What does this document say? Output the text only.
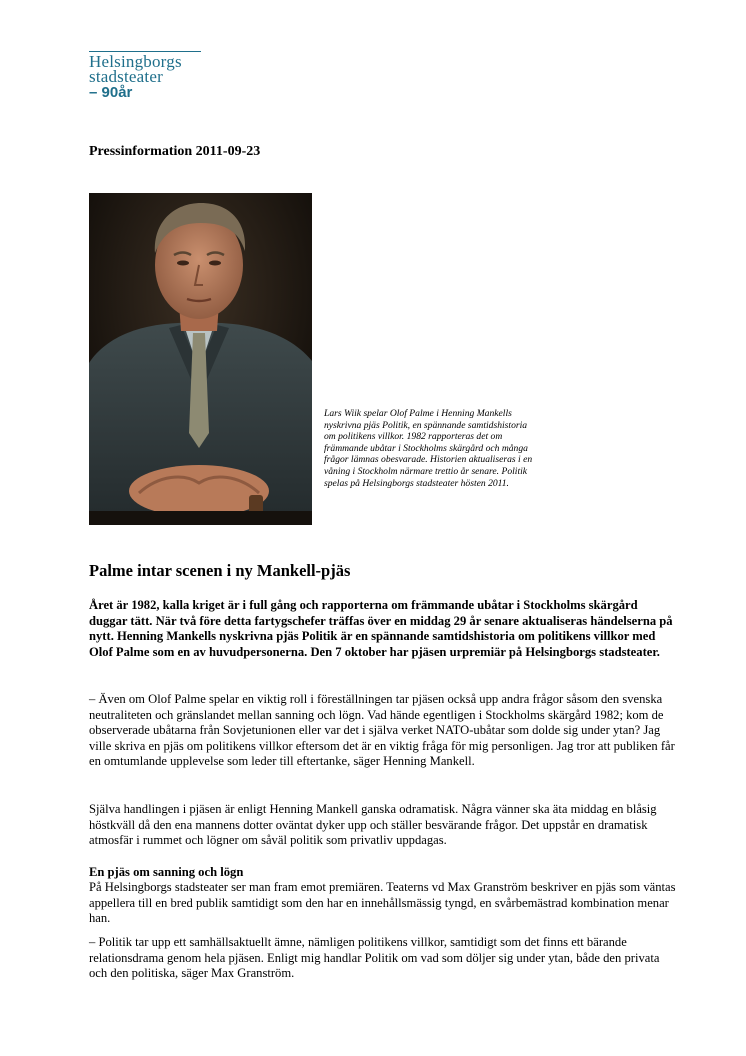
Helsingborgs
stadsteater
– 90år
Pressinformation 2011-09-23
Lars Wiik spelar Olof Palme i Henning Mankells nyskrivna pjäs Politik, en spännande samtidshistoria om politikens villkor. 1982 rapporteras det om främmande ubåtar i Stockholms skärgård och många frågor lämnas obesvarade. Historien aktualiseras i en våning i Stockholm närmare trettio år senare. Politik spelas på Helsingborgs stadsteater hösten 2011.
Palme intar scenen i ny Mankell-pjäs

Året är 1982, kalla kriget är i full gång och rapporterna om främmande ubåtar i Stockholms skärgård duggar tätt. När två före detta fartygschefer träffas över en middag 29 år senare aktualiseras händelserna på nytt. Henning Mankells nyskrivna pjäs Politik är en spännande samtidshistoria om politikens villkor med Olof Palme som en av huvudpersonerna. Den 7 oktober har pjäsen urpremiär på Helsingborgs stadsteater.

– Även om Olof Palme spelar en viktig roll i föreställningen tar pjäsen också upp andra frågor såsom den svenska neutraliteten och gränslandet mellan sanning och lögn. Vad hände egentligen i Stockholms skärgård 1982; kom de observerade ubåtarna från Sovjetunionen eller var det i själva verket NATO-ubåtar som dolde sig under ytan? Jag ville skriva en pjäs om politikens villkor eftersom det är en viktig fråga för mig personligen. Jag tror att publiken får en omtumlande upplevelse som leder till eftertanke, säger Henning Mankell.

Själva handlingen i pjäsen är enligt Henning Mankell ganska odramatisk. Några vänner ska äta middag en blåsig höstkväll då den ena mannens dotter oväntat dyker upp och ställer besvärande frågor. Det uppstår en dramatisk atmosfär i rummet och lögner om såväl politik som privatliv uppdagas.

En pjäs om sanning och lögn

På Helsingborgs stadsteater ser man fram emot premiären. Teaterns vd Max Granström beskriver en pjäs som väntas appellera till en bred publik samtidigt som den har en innehållsmässig tyngd, en svårbemästrad kombination menar han.

– Politik tar upp ett samhällsaktuellt ämne, nämligen politikens villkor, samtidigt som det finns ett bärande relationsdrama genom hela pjäsen. Enligt mig handlar Politik om vad som döljer sig under ytan, både den privata och den politiska, säger Max Granström.
